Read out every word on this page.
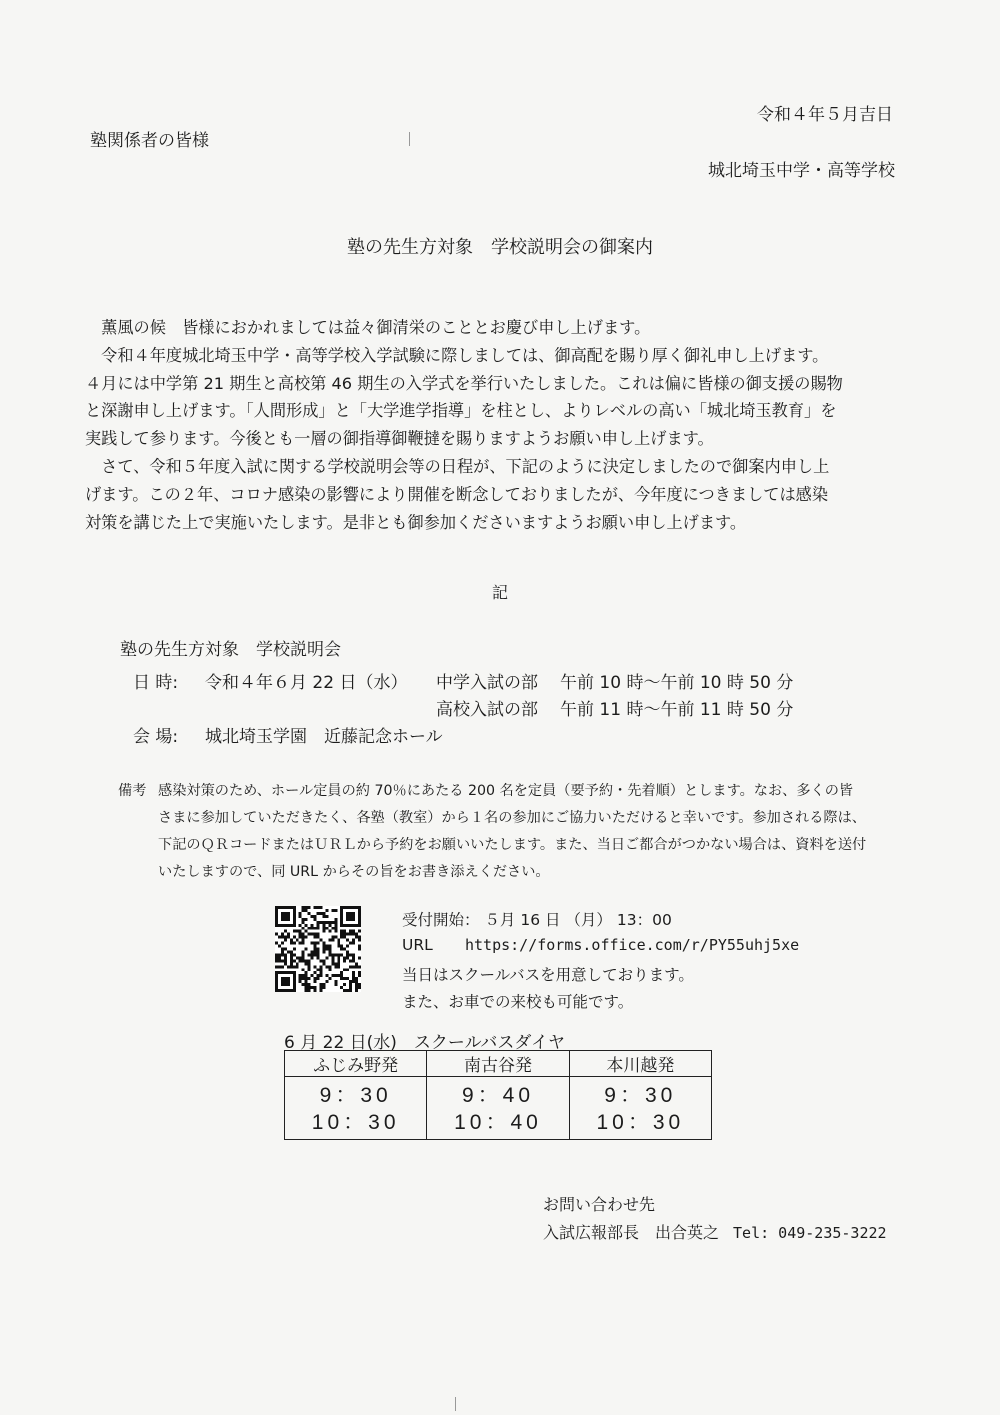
令和４年５月吉日
塾関係者の皆様
城北埼玉中学・高等学校
塾の先生方対象　学校説明会の御案内

　薫風の候　皆様におかれましては益々御清栄のこととお慶び申し上げます。

　令和４年度城北埼玉中学・高等学校入学試験に際しましては、御高配を賜り厚く御礼申し上げます。

４月には中学第 21 期生と高校第 46 期生の入学式を挙行いたしました。これは偏に皆様の御支援の賜物

と深謝申し上げます。「人間形成」と「大学進学指導」を柱とし、よりレベルの高い「城北埼玉教育」を

実践して参ります。今後とも一層の御指導御鞭撻を賜りますようお願い申し上げます。

　さて、令和５年度入試に関する学校説明会等の日程が、下記のように決定しましたので御案内申し上

げます。この２年、コロナ感染の影響により開催を断念しておりましたが、今年度につきましては感染

対策を講じた上で実施いたします。是非とも御参加くださいますようお願い申し上げます。

記
塾の先生方対象　学校説明会
日 時: 令和４年６月 22 日（水） 中学入試の部 午前 10 時～午前 10 時 50 分
高校入試の部 午前 11 時～午前 11 時 50 分
会 場: 城北埼玉学園　近藤記念ホール
備考 感染対策のため、ホール定員の約 70％にあたる 200 名を定員（要予約・先着順）とします。なお、多くの皆
さまに参加していただきたく、各塾（教室）から１名の参加にご協力いただけると幸いです。参加される際は、
下記のＱＲコードまたはＵＲＬから予約をお願いいたします。また、当日ご都合がつかない場合は、資料を送付
いたしますので、同 URL からその旨をお書き添えください。
受付開始： ５月 16 日 （月） 13：00
URL https://forms.office.com/r/PY55uhj5xe
当日はスクールバスを用意しております。
また、お車での来校も可能です。
6 月 22 日(水)　スクールバスダイヤ
ふじみ野発	南古谷発	本川越発
9：30	9：40	9：30
10：30	10：40	10：30
お問い合わせ先
入試広報部長　出合英之 Tel: 049-235-3222
